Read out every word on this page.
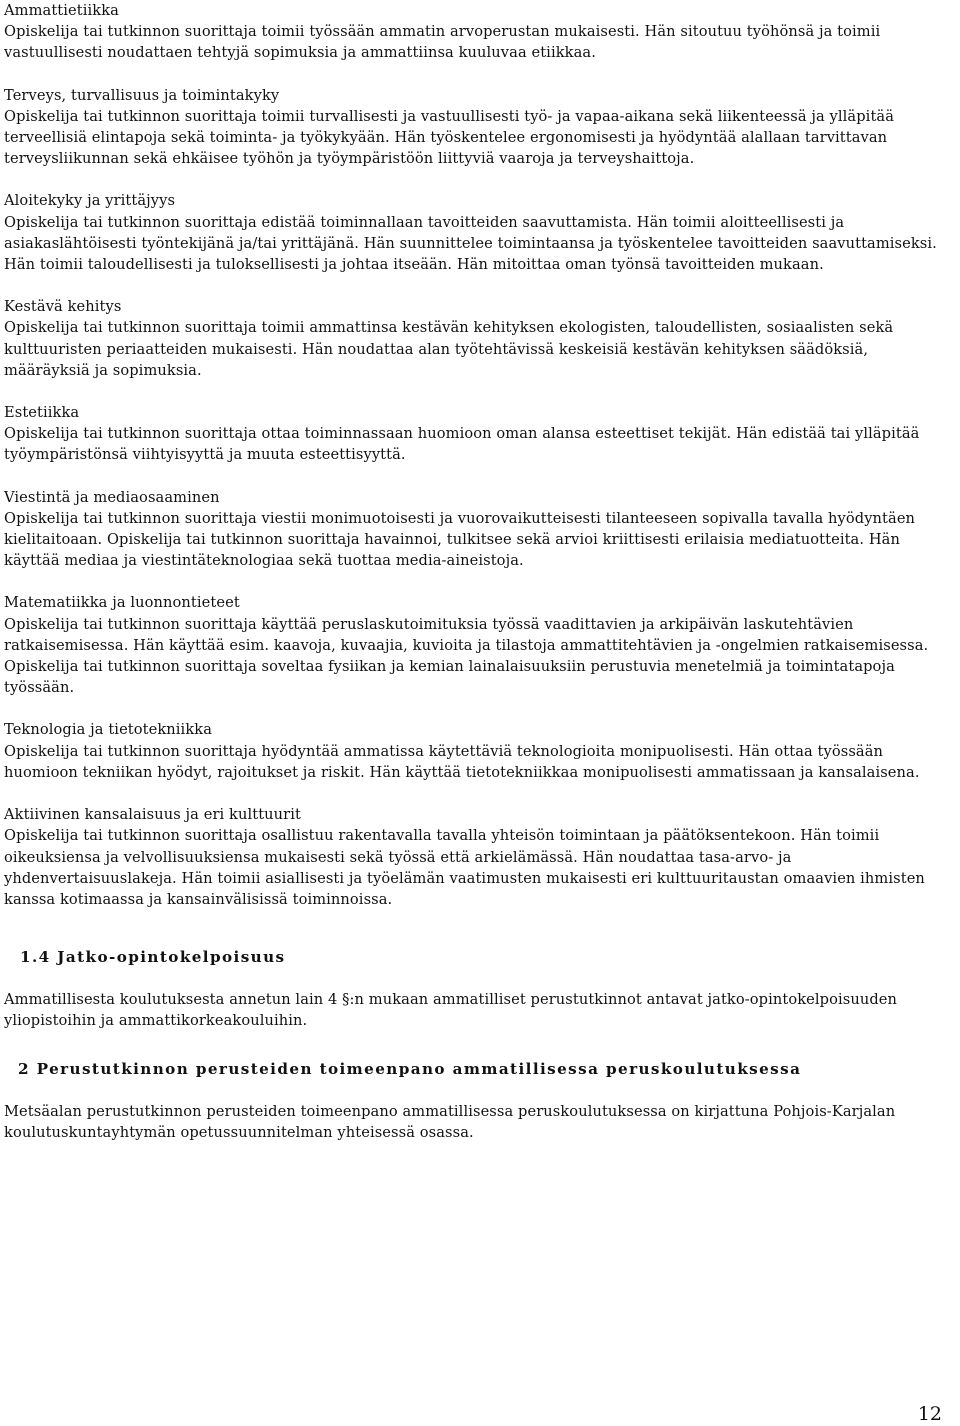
Ammattietiikka

Opiskelija tai tutkinnon suorittaja toimii työssään ammatin arvoperustan mukaisesti. Hän sitoutuu työhönsä ja toimii vastuullisesti noudattaen tehtyjä sopimuksia ja ammattiinsa kuuluvaa etiikkaa.

Terveys, turvallisuus ja toimintakyky

Opiskelija tai tutkinnon suorittaja toimii turvallisesti ja vastuullisesti työ- ja vapaa-aikana sekä liikenteessä ja ylläpitää terveellisiä elintapoja sekä toiminta- ja työkykyään. Hän työskentelee ergonomisesti ja hyödyntää alallaan tarvittavan terveysliikunnan sekä ehkäisee työhön ja työympäristöön liittyviä vaaroja ja terveyshaittoja.

Aloitekyky ja yrittäjyys

Opiskelija tai tutkinnon suorittaja edistää toiminnallaan tavoitteiden saavuttamista. Hän toimii aloitteellisesti ja asiakaslähtöisesti työntekijänä ja/tai yrittäjänä. Hän suunnittelee toimintaansa ja työskentelee tavoitteiden saavuttamiseksi. Hän toimii taloudellisesti ja tuloksellisesti ja johtaa itseään. Hän mitoittaa oman työnsä tavoitteiden mukaan.

Kestävä kehitys

Opiskelija tai tutkinnon suorittaja toimii ammattinsa kestävän kehityksen ekologisten, taloudellisten, sosiaalisten sekä kulttuuristen periaatteiden mukaisesti. Hän noudattaa alan työtehtävissä keskeisiä kestävän kehityksen säädöksiä, määräyksiä ja sopimuksia.

Estetiikka

Opiskelija tai tutkinnon suorittaja ottaa toiminnassaan huomioon oman alansa esteettiset tekijät. Hän edistää tai ylläpitää työympäristönsä viihtyisyyttä ja muuta esteettisyyttä.

Viestintä ja mediaosaaminen

Opiskelija tai tutkinnon suorittaja viestii monimuotoisesti ja vuorovaikutteisesti tilanteeseen sopivalla tavalla hyödyntäen kielitaitoaan. Opiskelija tai tutkinnon suorittaja havainnoi, tulkitsee sekä arvioi kriittisesti erilaisia mediatuotteita. Hän käyttää mediaa ja viestintäteknologiaa sekä tuottaa media-aineistoja.

Matematiikka ja luonnontieteet

Opiskelija tai tutkinnon suorittaja käyttää peruslaskutoimituksia työssä vaadittavien ja arkipäivän laskutehtävien ratkaisemisessa. Hän käyttää esim. kaavoja, kuvaajia, kuvioita ja tilastoja ammattitehtävien ja -ongelmien ratkaisemisessa. Opiskelija tai tutkinnon suorittaja soveltaa fysiikan ja kemian lainalaisuuksiin perustuvia menetelmiä ja toimintatapoja työssään.

Teknologia ja tietotekniikka

Opiskelija tai tutkinnon suorittaja hyödyntää ammatissa käytettäviä teknologioita monipuolisesti. Hän ottaa työssään huomioon tekniikan hyödyt, rajoitukset ja riskit. Hän käyttää tietotekniikkaa monipuolisesti ammatissaan ja kansalaisena.

Aktiivinen kansalaisuus ja eri kulttuurit

Opiskelija tai tutkinnon suorittaja osallistuu rakentavalla tavalla yhteisön toimintaan ja päätöksentekoon. Hän toimii oikeuksiensa ja velvollisuuksiensa mukaisesti sekä työssä että arkielämässä. Hän noudattaa tasa-arvo- ja yhdenvertaisuuslakeja. Hän toimii asiallisesti ja työelämän vaatimusten mukaisesti eri kulttuuritaustan omaavien ihmisten kanssa kotimaassa ja kansainvälisissä toiminnoissa.

1.4 Jatko-opintokelpoisuus

Ammatillisesta koulutuksesta annetun lain 4 §:n mukaan ammatilliset perustutkinnot antavat jatko-opintokelpoisuuden yliopistoihin ja ammattikorkeakouluihin.

2 Perustutkinnon perusteiden toimeenpano ammatillisessa peruskoulutuksessa

Metsäalan perustutkinnon perusteiden toimeenpano ammatillisessa peruskoulutuksessa on kirjattuna Pohjois-Karjalan koulutuskuntayhtymän opetussuunnitelman yhteisessä osassa.

12
